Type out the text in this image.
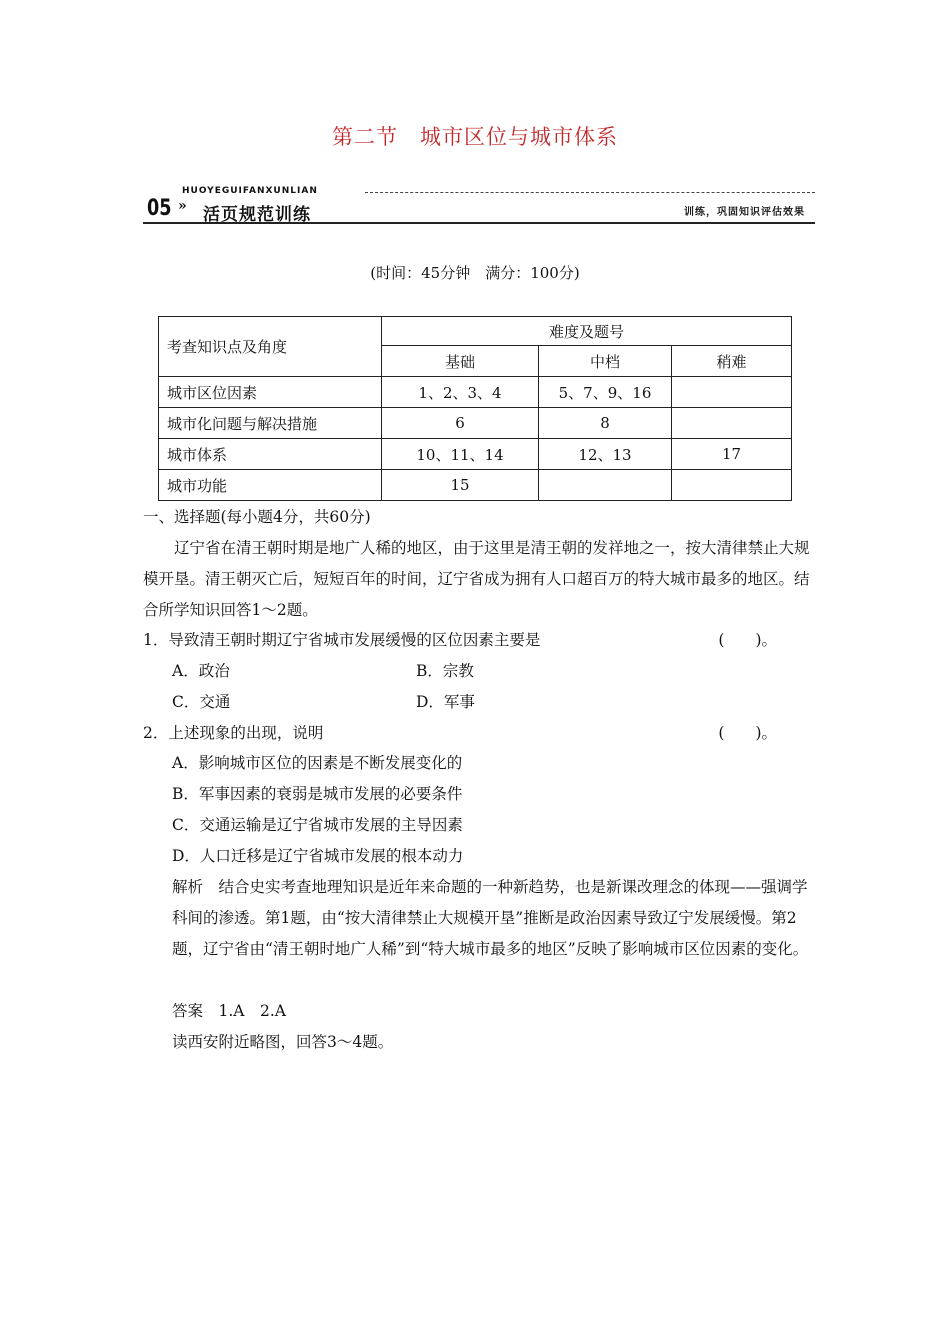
第二节　城市区位与城市体系
HUOYEGUIFANXUNLIAN
05 » 活页规范训练	训练，巩固知识评估效果
(时间：45分钟　满分：100分)
考查知识点及角度	难度及题号		
	基础	中档	稍难
城市区位因素	1、2、3、4	5、7、9、16	
城市化问题与解决措施	6	8	
城市体系	10、11、14	12、13	17
城市功能	15		
一、选择题(每小题4分，共60分)
辽宁省在清王朝时期是地广人稀的地区，由于这里是清王朝的发祥地之一，按大清律禁止大规模开垦。清王朝灭亡后，短短百年的时间，辽宁省成为拥有人口超百万的特大城市最多的地区。结合所学知识回答1～2题。
1．导致清王朝时期辽宁省城市发展缓慢的区位因素主要是	(　　)。
A．政治	B．宗教
C．交通	D．军事
2．上述现象的出现，说明	(　　)。
A．影响城市区位的因素是不断发展变化的
B．军事因素的衰弱是城市发展的必要条件
C．交通运输是辽宁省城市发展的主导因素
D．人口迁移是辽宁省城市发展的根本动力
解析　结合史实考查地理知识是近年来命题的一种新趋势，也是新课改理念的体现——强调学科间的渗透。第1题，由“按大清律禁止大规模开垦”推断是政治因素导致辽宁发展缓慢。第2题，辽宁省由“清王朝时地广人稀”到“特大城市最多的地区”反映了影响城市区位因素的变化。
答案　1.A　2.A
读西安附近略图，回答3～4题。
